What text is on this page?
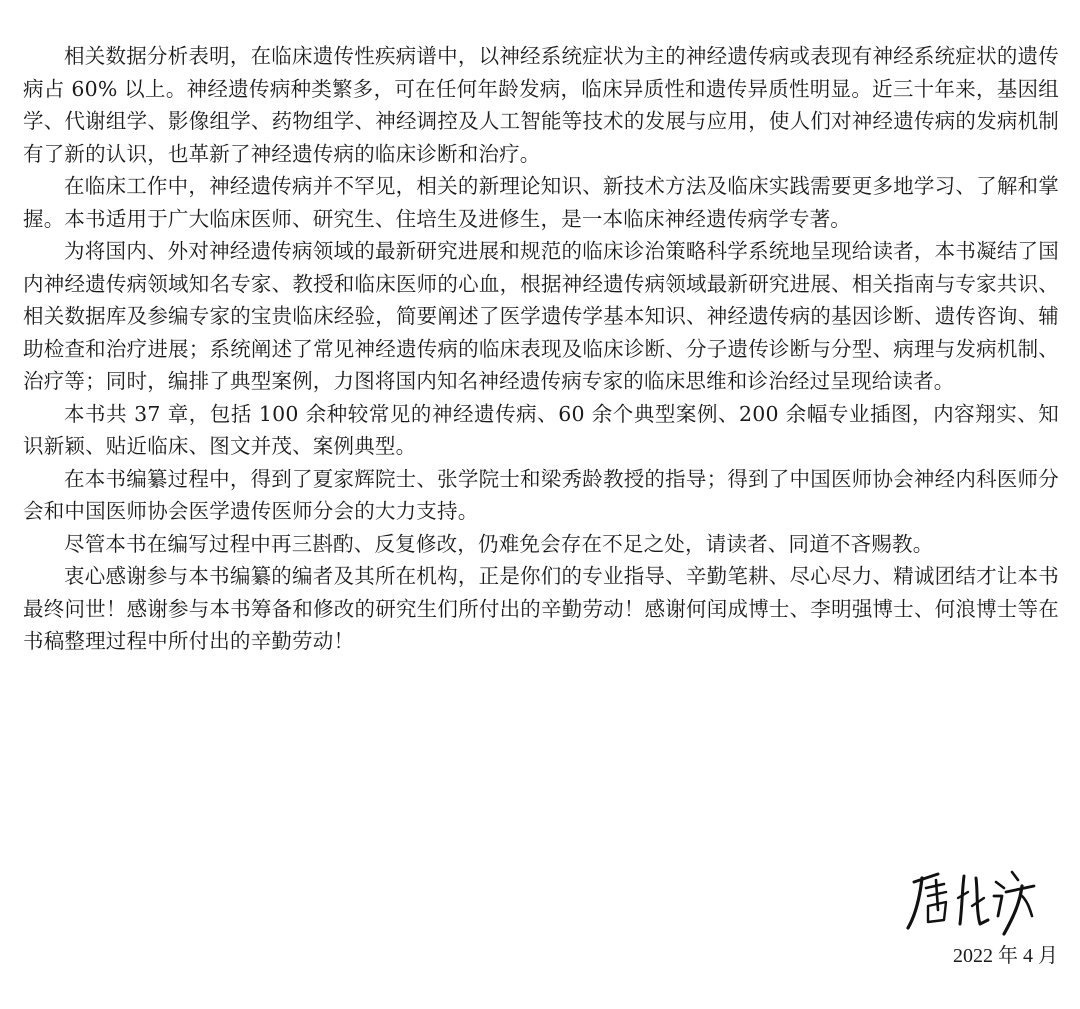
相关数据分析表明，在临床遗传性疾病谱中，以神经系统症状为主的神经遗传病或表现有神经系统症状的遗传病占 60% 以上。神经遗传病种类繁多，可在任何年龄发病，临床异质性和遗传异质性明显。近三十年来，基因组学、代谢组学、影像组学、药物组学、神经调控及人工智能等技术的发展与应用，使人们对神经遗传病的发病机制有了新的认识，也革新了神经遗传病的临床诊断和治疗。

在临床工作中，神经遗传病并不罕见，相关的新理论知识、新技术方法及临床实践需要更多地学习、了解和掌握。本书适用于广大临床医师、研究生、住培生及进修生，是一本临床神经遗传病学专著。

为将国内、外对神经遗传病领域的最新研究进展和规范的临床诊治策略科学系统地呈现给读者，本书凝结了国内神经遗传病领域知名专家、教授和临床医师的心血，根据神经遗传病领域最新研究进展、相关指南与专家共识、相关数据库及参编专家的宝贵临床经验，简要阐述了医学遗传学基本知识、神经遗传病的基因诊断、遗传咨询、辅助检查和治疗进展；系统阐述了常见神经遗传病的临床表现及临床诊断、分子遗传诊断与分型、病理与发病机制、治疗等；同时，编排了典型案例，力图将国内知名神经遗传病专家的临床思维和诊治经过呈现给读者。

本书共 37 章，包括 100 余种较常见的神经遗传病、60 余个典型案例、200 余幅专业插图，内容翔实、知识新颖、贴近临床、图文并茂、案例典型。

在本书编纂过程中，得到了夏家辉院士、张学院士和梁秀龄教授的指导；得到了中国医师协会神经内科医师分会和中国医师协会医学遗传医师分会的大力支持。

尽管本书在编写过程中再三斟酌、反复修改，仍难免会存在不足之处，请读者、同道不吝赐教。

衷心感谢参与本书编纂的编者及其所在机构，正是你们的专业指导、辛勤笔耕、尽心尽力、精诚团结才让本书最终问世！感谢参与本书筹备和修改的研究生们所付出的辛勤劳动！感谢何闰成博士、李明强博士、何浪博士等在书稿整理过程中所付出的辛勤劳动！

2022 年 4 月
